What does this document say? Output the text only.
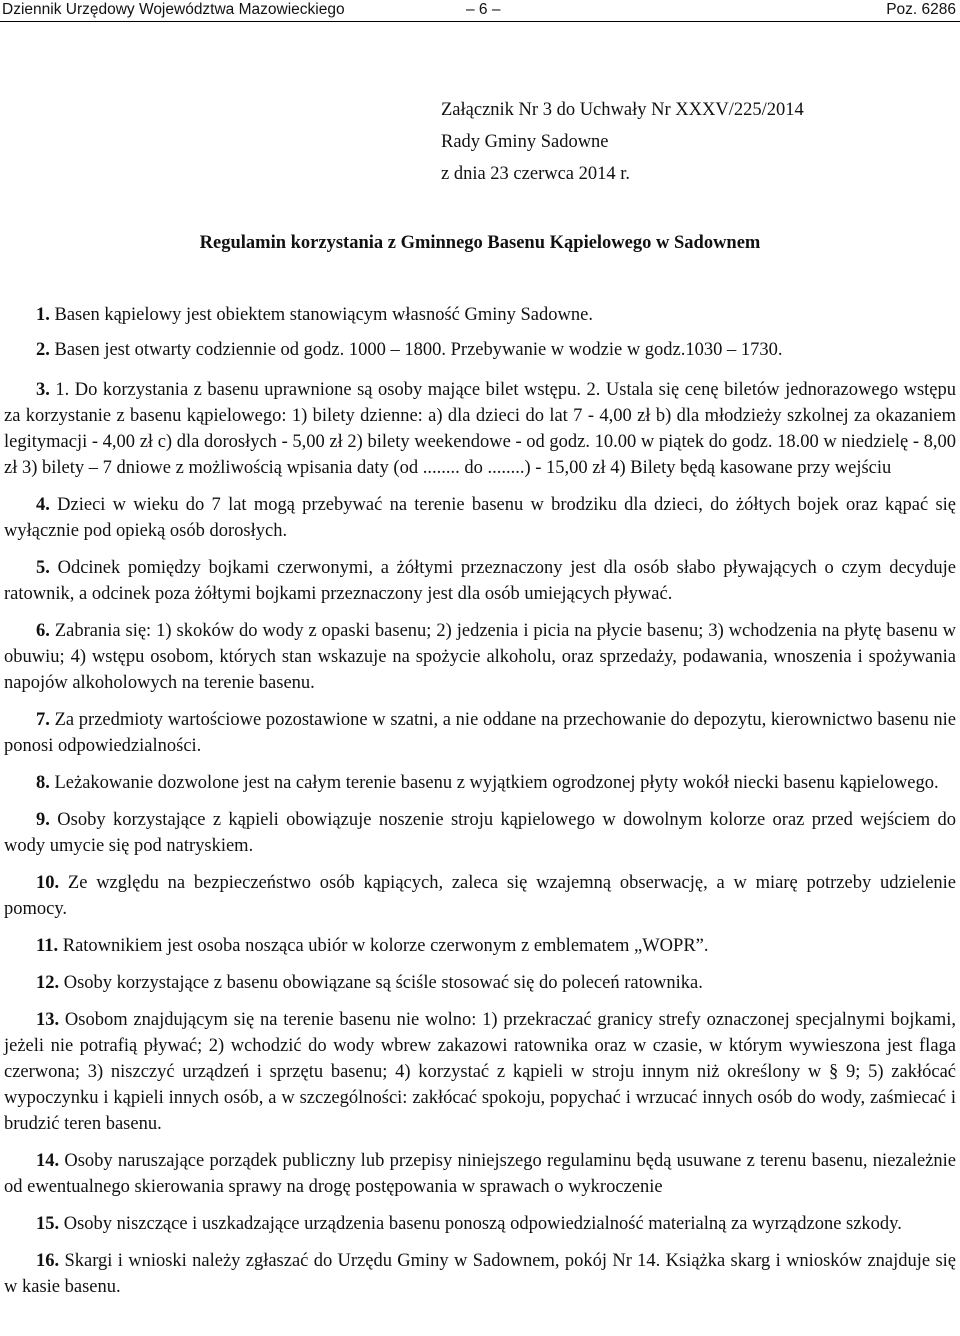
Dziennik Urzędowy Województwa Mazowieckiego	– 6 –	Poz. 6286
Załącznik Nr 3 do Uchwały Nr XXXV/225/2014
Rady Gminy Sadowne
z dnia 23 czerwca 2014 r.
Regulamin korzystania z Gminnego Basenu Kąpielowego w Sadownem

1. Basen kąpielowy jest obiektem stanowiącym własność Gminy Sadowne.

2. Basen jest otwarty codziennie od godz. 1000 – 1800. Przebywanie w wodzie w godz.1030 – 1730.

3. 1. Do korzystania z basenu uprawnione są osoby mające bilet wstępu. 2. Ustala się cenę biletów jednorazowego wstępu za korzystanie z basenu kąpielowego: 1) bilety dzienne: a) dla dzieci do lat 7 - 4,00 zł b) dla młodzieży szkolnej za okazaniem legitymacji - 4,00 zł c) dla dorosłych - 5,00 zł 2) bilety weekendowe - od godz. 10.00 w piątek do godz. 18.00 w niedzielę - 8,00 zł 3) bilety – 7 dniowe z możliwością wpisania daty (od ........ do ........) - 15,00 zł 4) Bilety będą kasowane przy wejściu

4. Dzieci w wieku do 7 lat mogą przebywać na terenie basenu w brodziku dla dzieci, do żółtych bojek oraz kąpać się wyłącznie pod opieką osób dorosłych.

5. Odcinek pomiędzy bojkami czerwonymi, a żółtymi przeznaczony jest dla osób słabo pływających o czym decyduje ratownik, a odcinek poza żółtymi bojkami przeznaczony jest dla osób umiejących pływać.

6. Zabrania się: 1) skoków do wody z opaski basenu; 2) jedzenia i picia na płycie basenu; 3) wchodzenia na płytę basenu w obuwiu; 4) wstępu osobom, których stan wskazuje na spożycie alkoholu, oraz sprzedaży, podawania, wnoszenia i spożywania napojów alkoholowych na terenie basenu.

7. Za przedmioty wartościowe pozostawione w szatni, a nie oddane na przechowanie do depozytu, kierownictwo basenu nie ponosi odpowiedzialności.

8. Leżakowanie dozwolone jest na całym terenie basenu z wyjątkiem ogrodzonej płyty wokół niecki basenu kąpielowego.

9. Osoby korzystające z kąpieli obowiązuje noszenie stroju kąpielowego w dowolnym kolorze oraz przed wejściem do wody umycie się pod natryskiem.

10. Ze względu na bezpieczeństwo osób kąpiących, zaleca się wzajemną obserwację, a w miarę potrzeby udzielenie pomocy.

11. Ratownikiem jest osoba nosząca ubiór w kolorze czerwonym z emblematem „WOPR”.

12. Osoby korzystające z basenu obowiązane są ściśle stosować się do poleceń ratownika.

13. Osobom znajdującym się na terenie basenu nie wolno: 1) przekraczać granicy strefy oznaczonej specjalnymi bojkami, jeżeli nie potrafią pływać; 2) wchodzić do wody wbrew zakazowi ratownika oraz w czasie, w którym wywieszona jest flaga czerwona; 3) niszczyć urządzeń i sprzętu basenu; 4) korzystać z kąpieli w stroju innym niż określony w § 9; 5) zakłócać wypoczynku i kąpieli innych osób, a w szczególności: zakłócać spokoju, popychać i wrzucać innych osób do wody, zaśmiecać i brudzić teren basenu.

14. Osoby naruszające porządek publiczny lub przepisy niniejszego regulaminu będą usuwane z terenu basenu, niezależnie od ewentualnego skierowania sprawy na drogę postępowania w sprawach o wykroczenie

15. Osoby niszczące i uszkadzające urządzenia basenu ponoszą odpowiedzialność materialną za wyrządzone szkody.

16. Skargi i wnioski należy zgłaszać do Urzędu Gminy w Sadownem, pokój Nr 14. Książka skarg i wniosków znajduje się w kasie basenu.
